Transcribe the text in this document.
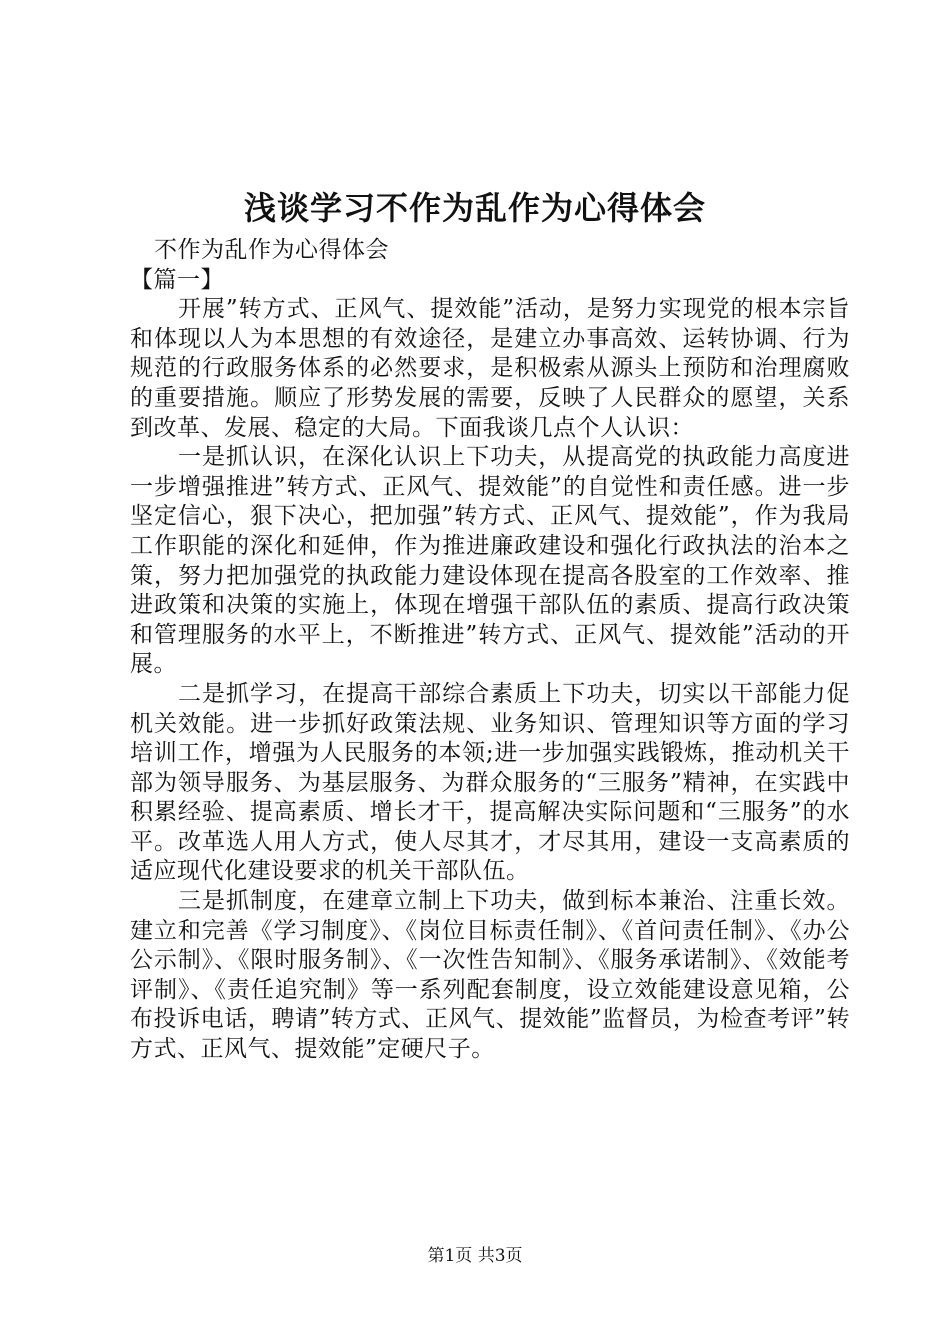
浅谈学习不作为乱作为心得体会

不作为乱作为心得体会

【篇一】

开展”转方式、正风气、提效能”活动，是努力实现党的根本宗旨和体现以人为本思想的有效途径，是建立办事高效、运转协调、行为规范的行政服务体系的必然要求，是积极索从源头上预防和治理腐败的重要措施。顺应了形势发展的需要，反映了人民群众的愿望，关系到改革、发展、稳定的大局。下面我谈几点个人认识：

一是抓认识，在深化认识上下功夫，从提高党的执政能力高度进一步增强推进”转方式、正风气、提效能”的自觉性和责任感。进一步坚定信心，狠下决心，把加强”转方式、正风气、提效能”，作为我局工作职能的深化和延伸，作为推进廉政建设和强化行政执法的治本之策，努力把加强党的执政能力建设体现在提高各股室的工作效率、推进政策和决策的实施上，体现在增强干部队伍的素质、提高行政决策和管理服务的水平上，不断推进”转方式、正风气、提效能”活动的开展。

二是抓学习，在提高干部综合素质上下功夫，切实以干部能力促机关效能。进一步抓好政策法规、业务知识、管理知识等方面的学习培训工作，增强为人民服务的本领;进一步加强实践锻炼，推动机关干部为领导服务、为基层服务、为群众服务的“三服务”精神，在实践中积累经验、提高素质、增长才干，提高解决实际问题和“三服务”的水平。改革选人用人方式，使人尽其才，才尽其用，建设一支高素质的适应现代化建设要求的机关干部队伍。

三是抓制度，在建章立制上下功夫，做到标本兼治、注重长效。建立和完善《学习制度》、《岗位目标责任制》、《首问责任制》、《办公公示制》、《限时服务制》、《一次性告知制》、《服务承诺制》、《效能考评制》、《责任追究制》等一系列配套制度，设立效能建设意见箱，公布投诉电话，聘请”转方式、正风气、提效能”监督员，为检查考评”转方式、正风气、提效能”定硬尺子。

第1页 共3页
